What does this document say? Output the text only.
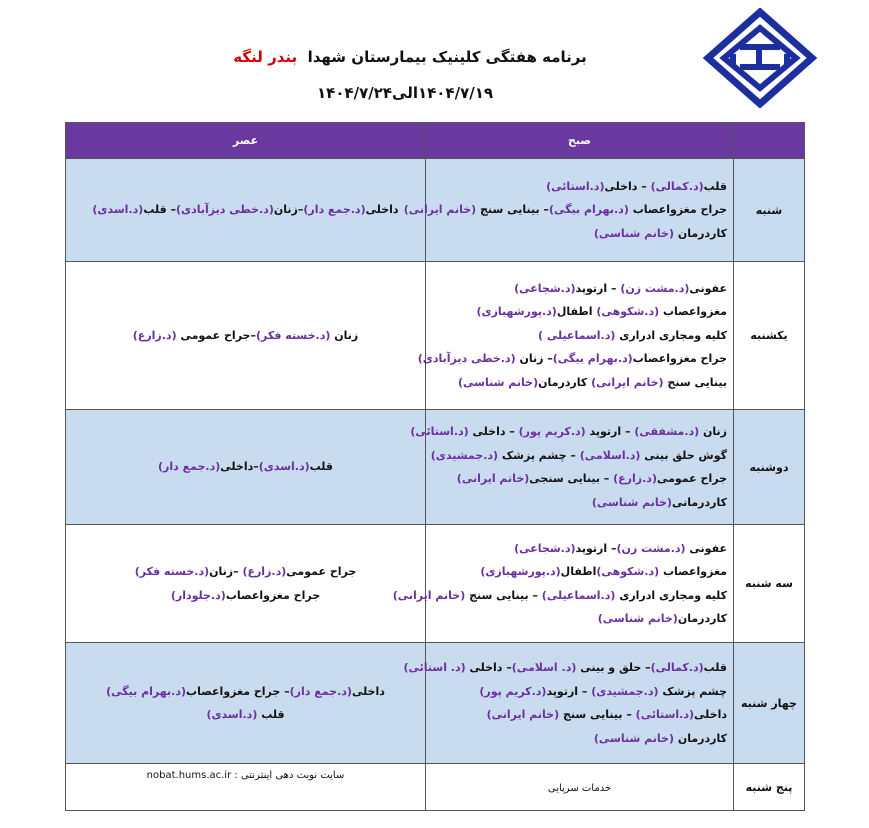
برنامه هفتگی کلینیک بیمارستان شهدا  بندر لنگه
۱۴۰۴/۷/۱۹الی۱۴۰۴/۷/۲۴
	صبح	عصر
شنبه	قلب(د.کمالی) – داخلی(د.استائی)
جراح مغزواعصاب (د.بهرام بیگی)– بینایی سنج (خانم ایرانی)
کاردرمان (خانم شناسی)	داخلی(د.جمع دار)–زنان(د.خطی دیزآبادی)– قلب(د.اسدی)

یکشنبه	عفونی(د.مشت زن) – ارتوپد(د.شجاعی)
مغزواعصاب (د.شکوهی) اطفال(د.پورشهبازی)
کلیه ومجاری ادراری (د.اسماعیلی )
جراح مغزواعصاب(د.بهرام بیگی)– زنان (د.خطی دیزآبادی)
بینایی سنج (خانم ایرانی) کاردرمان(خانم شناسی)	زنان (د.خسته فکر)–جراح عمومی (د.زارع)

دوشنبه	زنان (د.مشفقی) – ارتوپد (د.کریم پور) – داخلی (د.استائی)
گوش حلق بینی (د.اسلامی) – چشم پزشک (د.جمشیدی)
جراح عمومی(د.زارع) – بینایی سنجی(خانم ایرانی)
کاردرمانی(خانم شناسی)	قلب(د.اسدی)–داخلی(د.جمع دار)

سه شنبه	عفونی (د.مشت زن)– ارتوپد(د.شجاعی)
مغزواعصاب (د.شکوهی)اطفال(د.پورشهبازی)
کلیه ومجاری ادراری (د.اسماعیلی) – بینایی سنج (خانم ایرانی)
کاردرمان(خانم شناسی)	جراح عمومی(د.زارع) –زنان(د.خسته فکر)
جراح مغزواعصاب(د.جلودار)

چهار شنبه	قلب(د.کمالی)– حلق و بینی (د. اسلامی)– داخلی (د. استائی)
چشم پزشک (د.جمشیدی) – ارتوپد(د.کریم پور)
داخلی(د.استائی) – بینایی سنج (خانم ایرانی)
کاردرمان (خانم شناسی)	داخلی(د.جمع دار)– جراح مغزواعصاب(د.بهرام بیگی)
قلب (د.اسدی)

پنج شنبه	خدمات سرپایی	سایت نوبت دهی اینترنتی : nobat.hums.ac.ir
